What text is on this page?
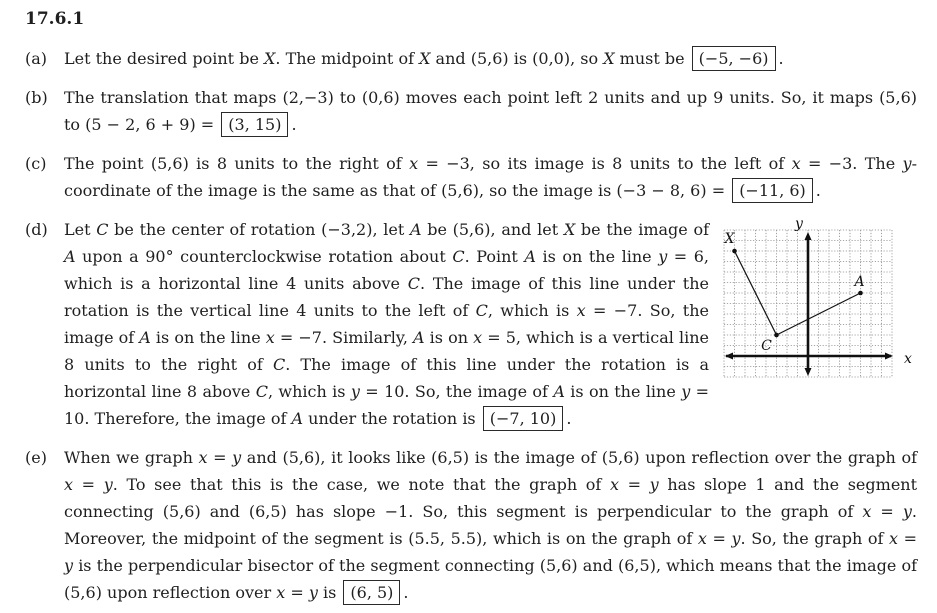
17.6.1
(a)	Let the desired point be X. The midpoint of X and (5,6) is (0,0), so X must be (−5, −6) .
(b)	The translation that maps (2,−3) to (0,6) moves each point left 2 units and up 9 units. So, it maps (5,6) to (5 − 2, 6 + 9) = (3, 15) .
(c)	The point (5,6) is 8 units to the right of x = −3, so its image is 8 units to the left of x = −3. The y-coordinate of the image is the same as that of (5,6), so the image is (−3 − 8, 6) = (−11, 6) .
(d)	X
C
A
x
y
Let C be the center of rotation (−3,2), let A be (5,6), and let X be the image of A upon a 90° counterclockwise rotation about C. Point A is on the line y = 6, which is a horizontal line 4 units above C. The image of this line under the rotation is the vertical line 4 units to the left of C, which is x = −7. So, the image of A is on the line x = −7. Similarly, A is on x = 5, which is a vertical line 8 units to the right of C. The image of this line under the rotation is a horizontal line 8 above C, which is y = 10. So, the image of A is on the line y = 10. Therefore, the image of A under the rotation is (−7, 10) .
(e)	When we graph x = y and (5,6), it looks like (6,5) is the image of (5,6) upon reflection over the graph of x = y. To see that this is the case, we note that the graph of x = y has slope 1 and the segment connecting (5,6) and (6,5) has slope −1. So, this segment is perpendicular to the graph of x = y. Moreover, the midpoint of the segment is (5.5, 5.5), which is on the graph of x = y. So, the graph of x = y is the perpendicular bisector of the segment connecting (5,6) and (6,5), which means that the image of (5,6) upon reflection over x = y is (6, 5) .
